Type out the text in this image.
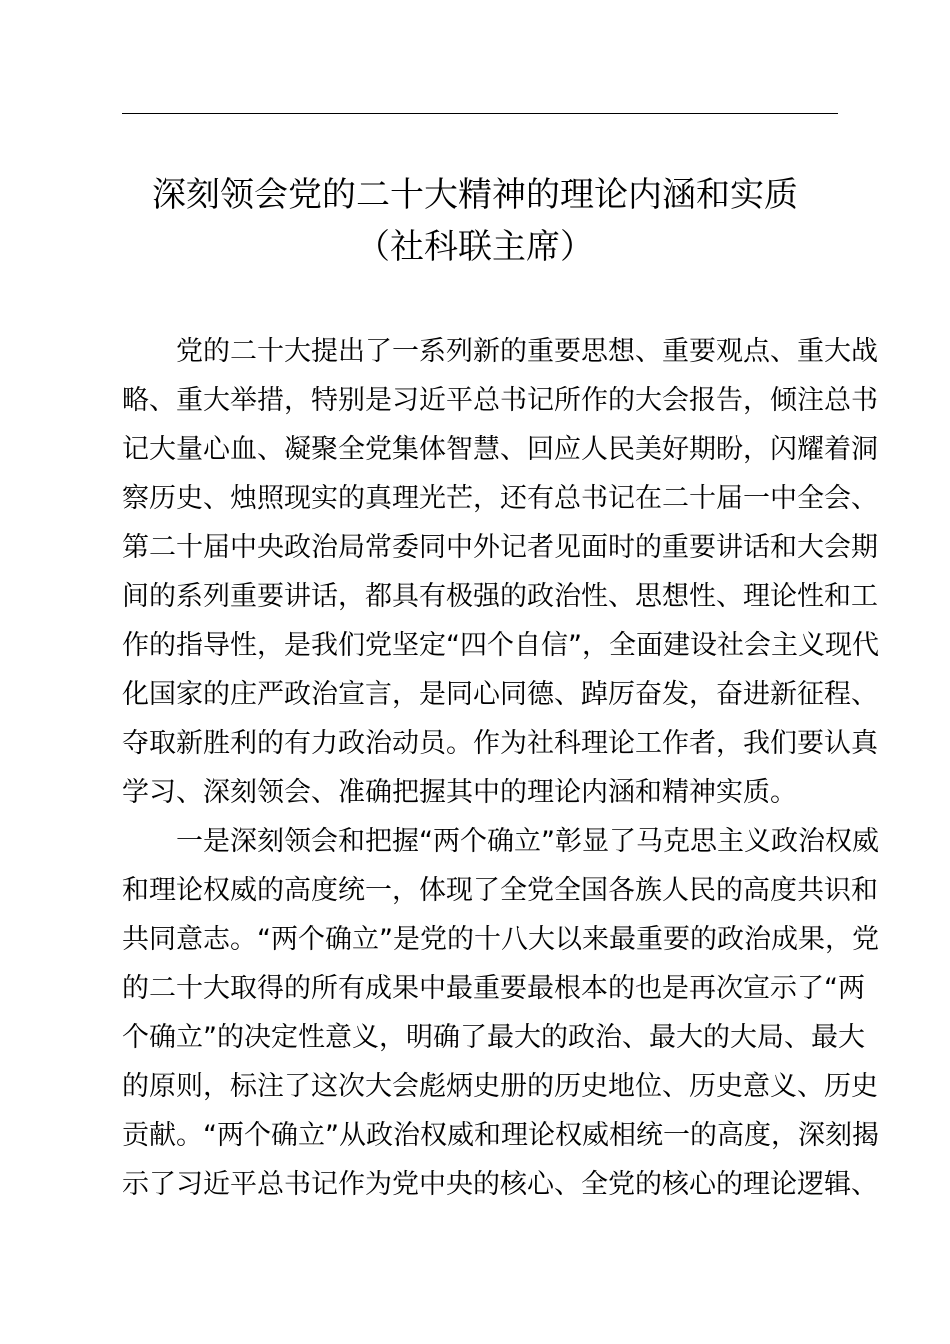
深刻领会党的二十大精神的理论内涵和实质
（社科联主席）
党的二十大提出了一系列新的重要思想、重要观点、重大战
略、重大举措，特别是习近平总书记所作的大会报告，倾注总书
记大量心血、凝聚全党集体智慧、回应人民美好期盼，闪耀着洞
察历史、烛照现实的真理光芒，还有总书记在二十届一中全会、
第二十届中央政治局常委同中外记者见面时的重要讲话和大会期
间的系列重要讲话，都具有极强的政治性、思想性、理论性和工
作的指导性，是我们党坚定“四个自信”，全面建设社会主义现代
化国家的庄严政治宣言，是同心同德、踔厉奋发，奋进新征程、
夺取新胜利的有力政治动员。作为社科理论工作者，我们要认真
学习、深刻领会、准确把握其中的理论内涵和精神实质。
一是深刻领会和把握“两个确立”彰显了马克思主义政治权威
和理论权威的高度统一，体现了全党全国各族人民的高度共识和
共同意志。“两个确立”是党的十八大以来最重要的政治成果，党
的二十大取得的所有成果中最重要最根本的也是再次宣示了“两
个确立”的决定性意义，明确了最大的政治、最大的大局、最大
的原则，标注了这次大会彪炳史册的历史地位、历史意义、历史
贡献。“两个确立”从政治权威和理论权威相统一的高度，深刻揭
示了习近平总书记作为党中央的核心、全党的核心的理论逻辑、
